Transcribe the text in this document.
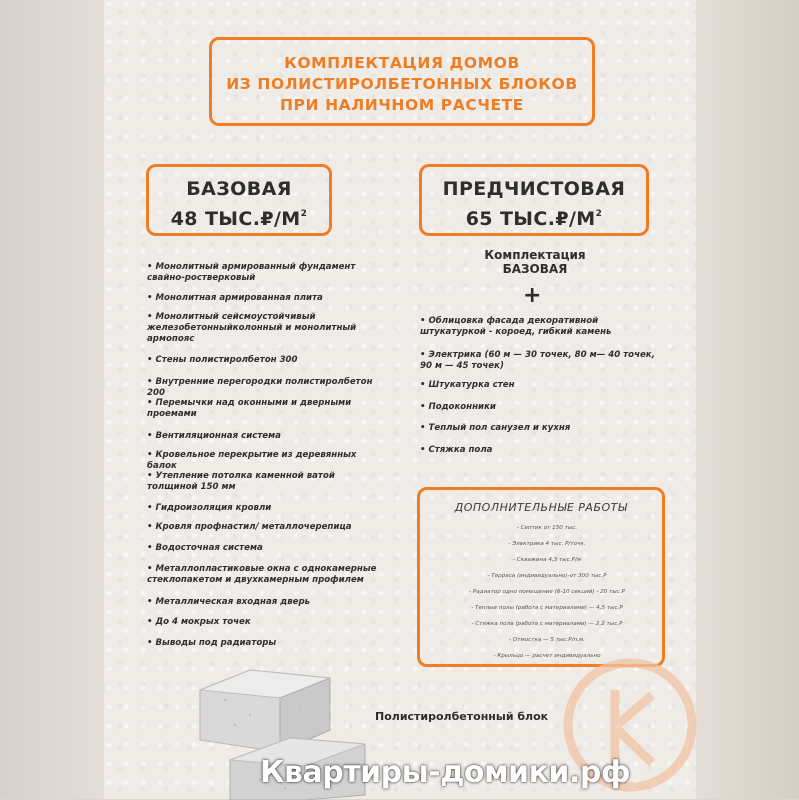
КОМПЛЕКТАЦИЯ ДОМОВ
ИЗ ПОЛИСТИРОЛБЕТОННЫХ БЛОКОВ
ПРИ НАЛИЧНОМ РАСЧЕТЕ
БАЗОВАЯ
48 $ТЫС.₽/М^2$
ПРЕДЧИСТОВАЯ
65 $ТЫС.₽/М^2$
• Монолитный армированный фундамент свайно-ростверковый
• Монолитная армированная плита
• Монолитный сейсмоустойчивый железобетонныйколонный и монолитный армопояс
• Стены полистиролбетон 300
• Внутренние перегородки полистиролбетон 200
• Перемычки над оконными и дверными проемами
• Вентиляционная система
• Кровельное перекрытие из деревянных балок
• Утепление потолка каменной ватой толщиной 150 мм
• Гидроизоляция кровли
• Кровля профнастил/ металлочерепица
• Водосточная система
• Металлопластиковые окна с однокамерные стеклопакетом и двухкамерным профилем
• Металлическая входная дверь
• До 4 мокрых точек
• Выводы под радиаторы
Комплектация
БАЗОВАЯ
+
• Облицовка фасада декоративной штукатуркой - короед, гибкий камень
• Электрика (60 м — 30 точек, 80 м— 40 точек, 90 м — 45 точек)
• Штукатурка стен
• Подоконники
• Теплый пол санузел и кухня
• Стяжка пола
ДОПОЛНИТЕЛЬНЫЕ РАБОТЫ
- Септик от 150 тыс.
- Электрика 4 тыс. Р/точк.
- Скважина 4,3 тыс.Р/м
- Терраса (индивидуально)-от 300 тыс.Р
- Радиатор одно помещение (6-10 секций) - 20 тыс.Р
- Теплые полы (работа с материалами) — 4,5 тыс.Р
- Стяжка пола (работа с материалами) — 2,2 тыс.Р
- Отмостка — 5 тыс.Р/п.м.
- Крыльцо — расчет индивидуально
Полистиролбетонный блок
Квартиры-домики.рф
